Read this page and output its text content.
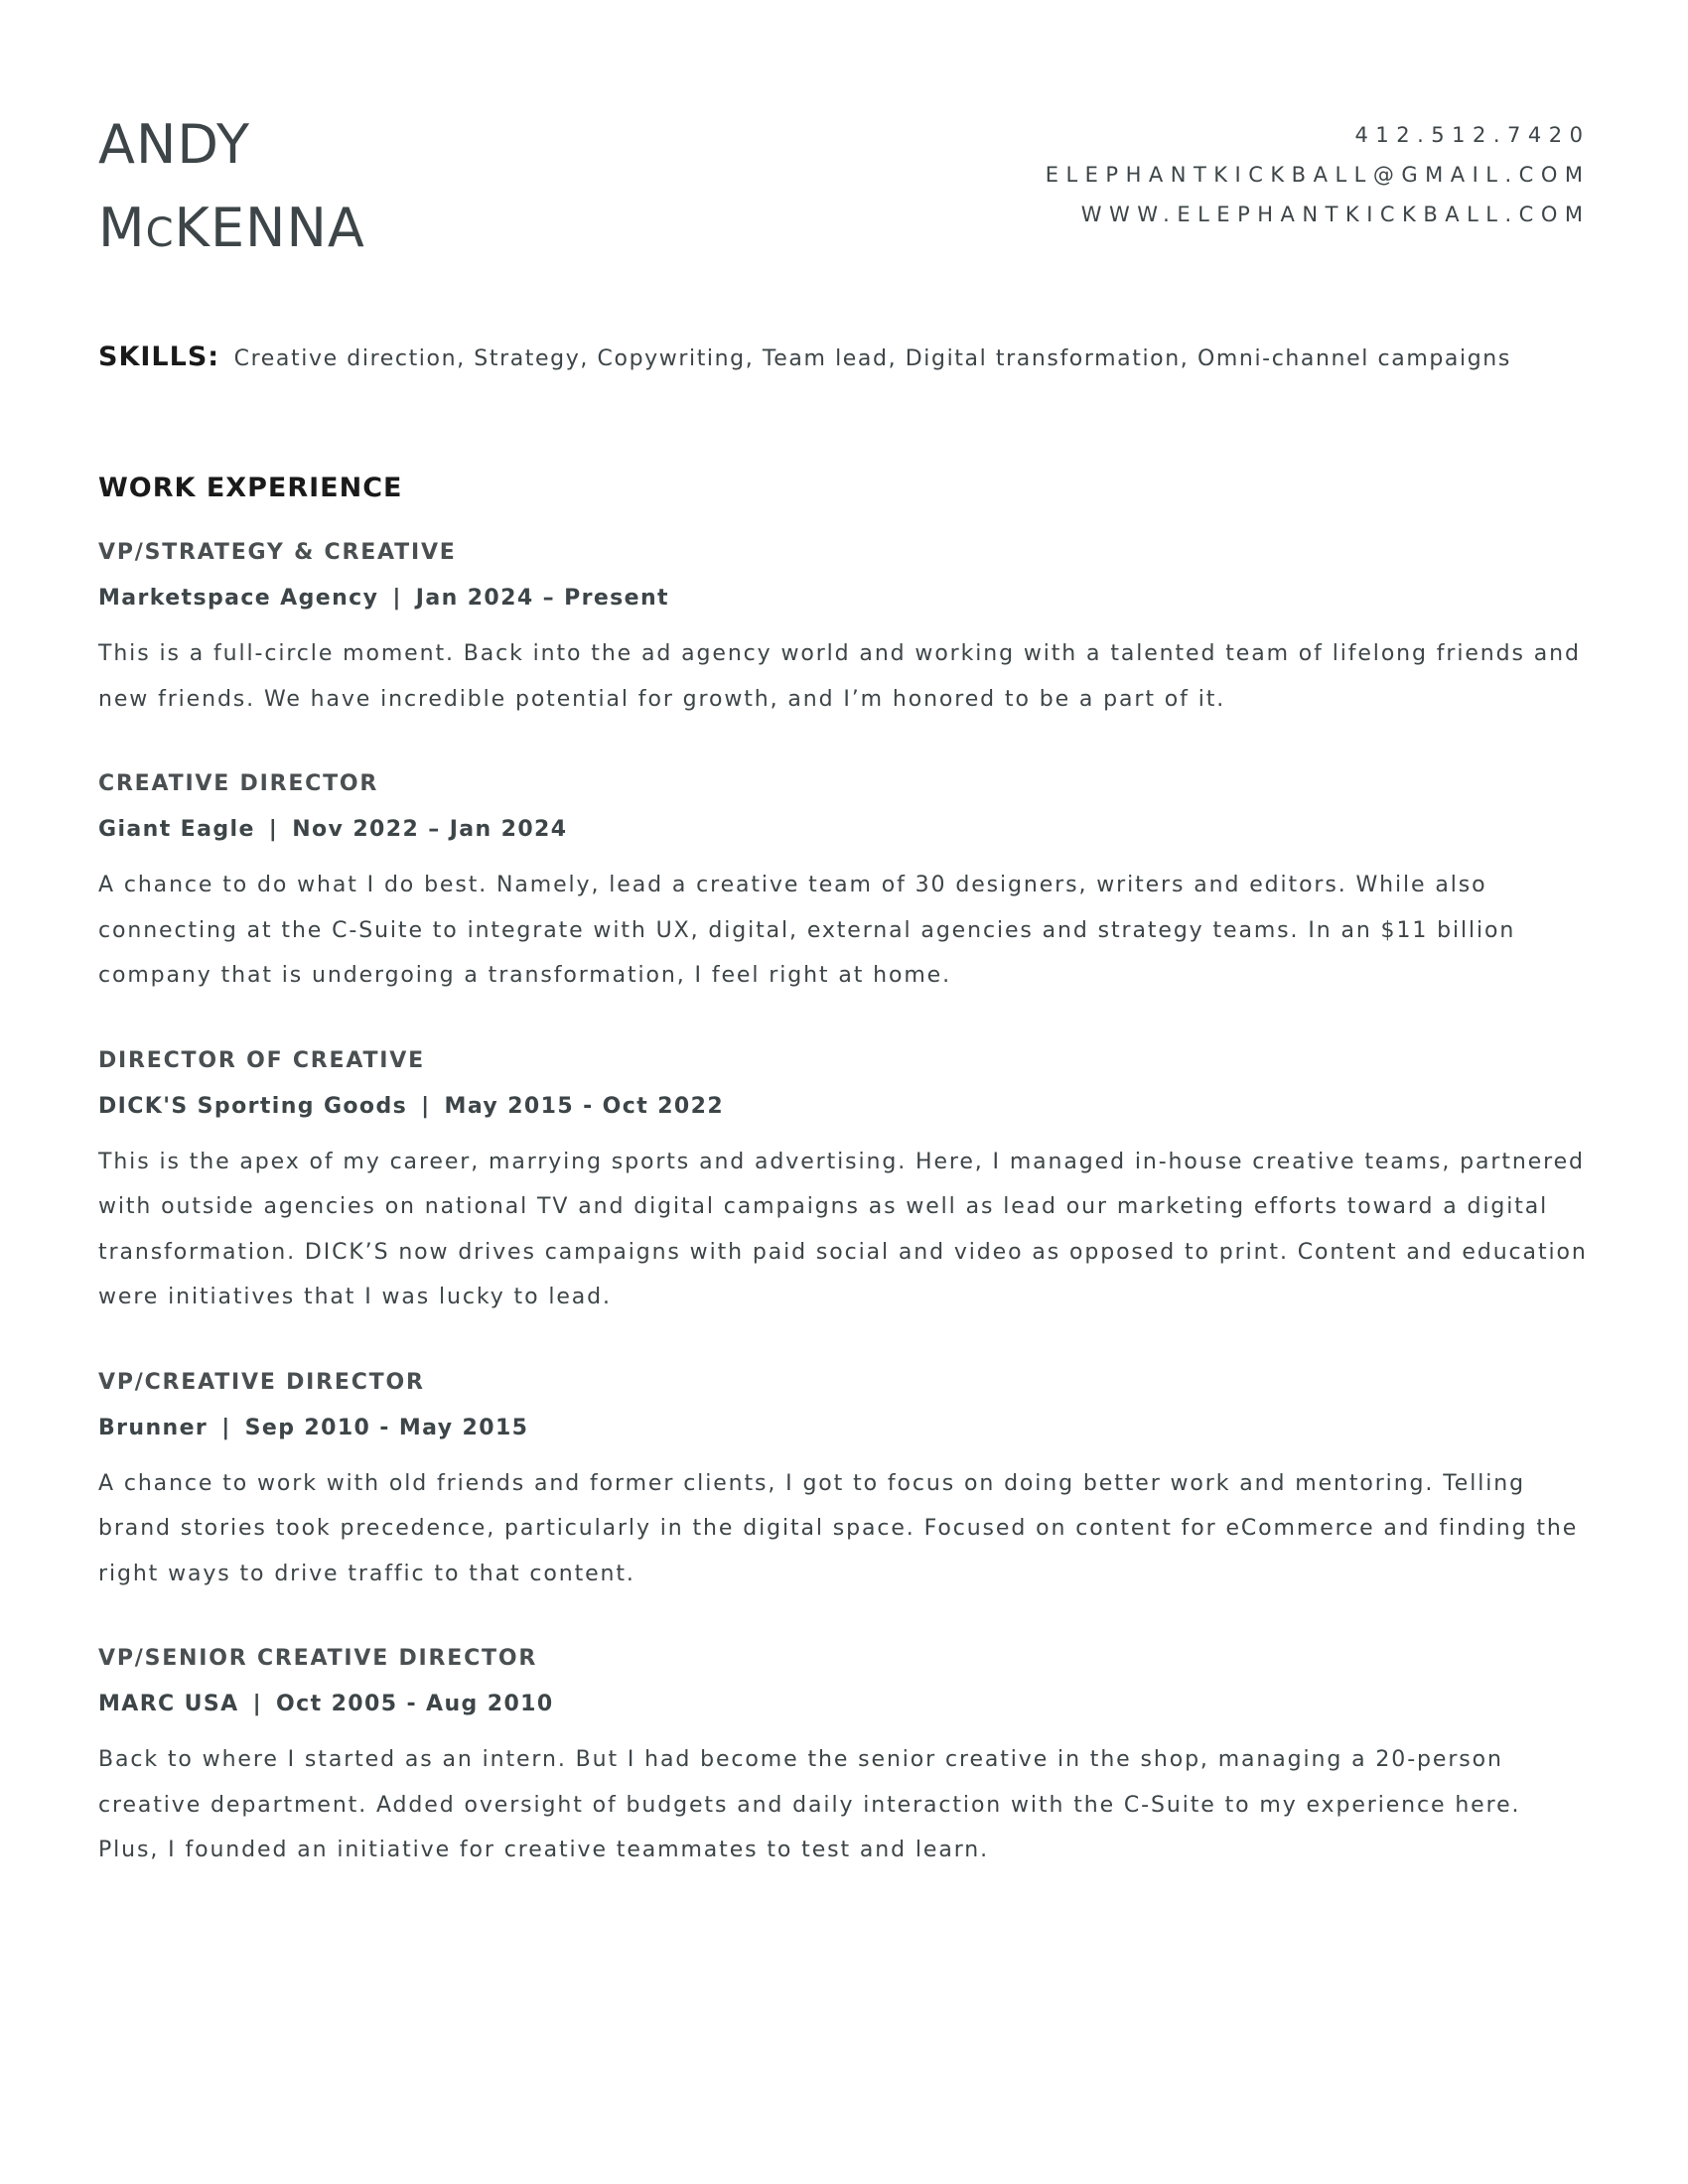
ANDY
MCKENNA
412.512.7420
ELEPHANTKICKBALL@GMAIL.COM
WWW.ELEPHANTKICKBALL.COM
SKILLS: Creative direction, Strategy, Copywriting, Team lead, Digital transformation, Omni-channel campaigns
WORK EXPERIENCE
VP/STRATEGY & CREATIVE
Marketspace Agency | Jan 2024 – Present
This is a full-circle moment. Back into the ad agency world and working with a talented team of lifelong friends and new friends. We have incredible potential for growth, and I’m honored to be a part of it.
CREATIVE DIRECTOR
Giant Eagle | Nov 2022 – Jan 2024
A chance to do what I do best. Namely, lead a creative team of 30 designers, writers and editors. While also connecting at the C-Suite to integrate with UX, digital, external agencies and strategy teams. In an $11 billion company that is undergoing a transformation, I feel right at home.
DIRECTOR OF CREATIVE
DICK'S Sporting Goods | May 2015 - Oct 2022
This is the apex of my career, marrying sports and advertising. Here, I managed in-house creative teams, partnered with outside agencies on national TV and digital campaigns as well as lead our marketing efforts toward a digital transformation. DICK’S now drives campaigns with paid social and video as opposed to print. Content and education were initiatives that I was lucky to lead.
VP/CREATIVE DIRECTOR
Brunner | Sep 2010 - May 2015
A chance to work with old friends and former clients, I got to focus on doing better work and mentoring. Telling brand stories took precedence, particularly in the digital space. Focused on content for eCommerce and finding the right ways to drive traffic to that content.
VP/SENIOR CREATIVE DIRECTOR
MARC USA | Oct 2005 - Aug 2010
Back to where I started as an intern. But I had become the senior creative in the shop, managing a 20-person creative department. Added oversight of budgets and daily interaction with the C-Suite to my experience here. Plus, I founded an initiative for creative teammates to test and learn.
